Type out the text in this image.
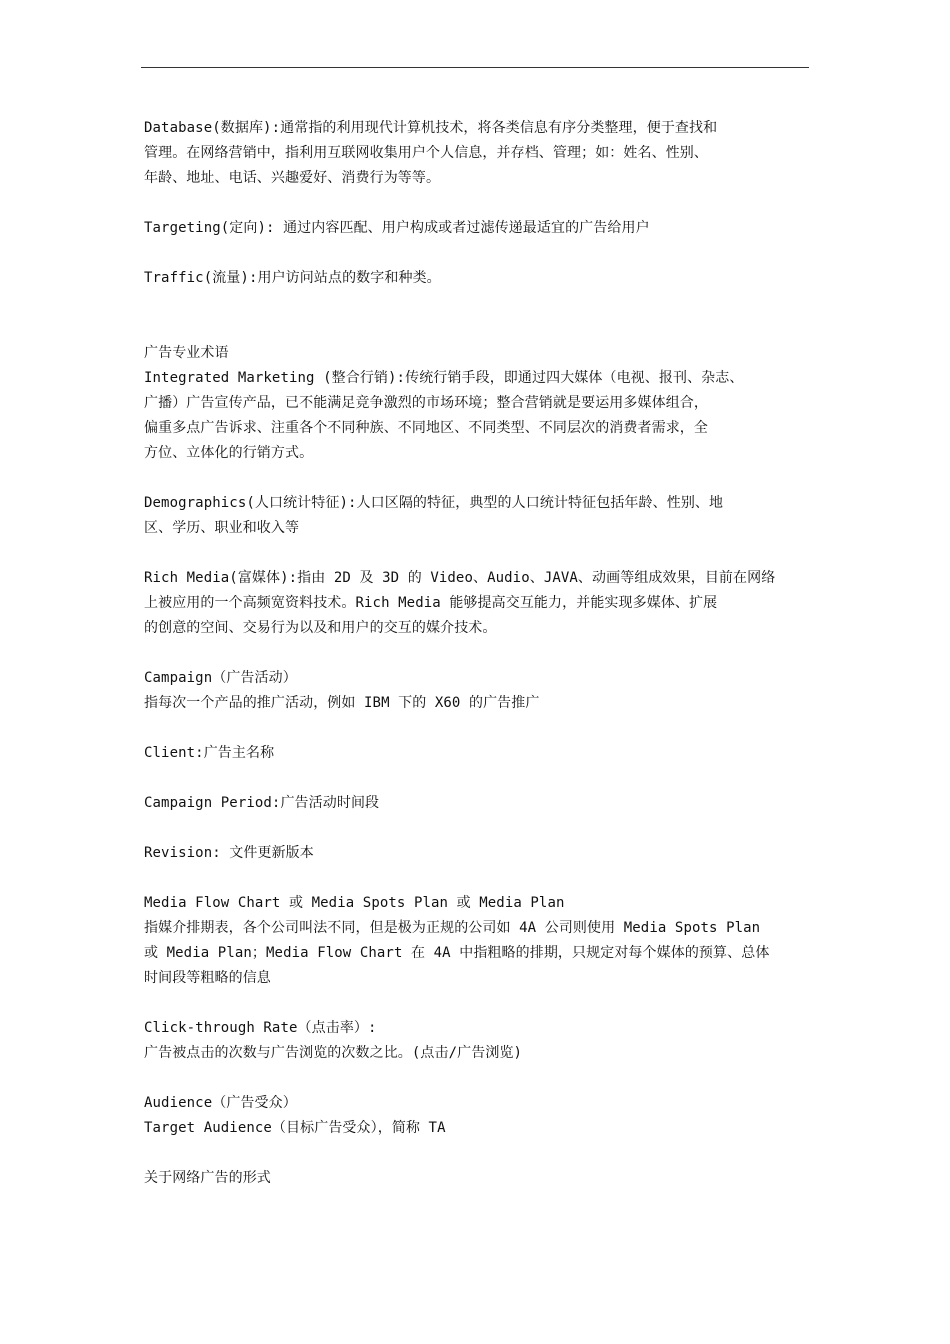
Database(数据库):通常指的利用现代计算机技术，将各类信息有序分类整理，便于查找和

管理。在网络营销中，指利用互联网收集用户个人信息，并存档、管理；如：姓名、性别、

年龄、地址、电话、兴趣爱好、消费行为等等。

Targeting(定向): 通过内容匹配、用户构成或者过滤传递最适宜的广告给用户

Traffic(流量):用户访问站点的数字和种类。

广告专业术语

Integrated Marketing (整合行销):传统行销手段，即通过四大媒体（电视、报刊、杂志、

广播）广告宣传产品，已不能满足竞争激烈的市场环境；整合营销就是要运用多媒体组合，

偏重多点广告诉求、注重各个不同种族、不同地区、不同类型、不同层次的消费者需求，全

方位、立体化的行销方式。

Demographics(人口统计特征):人口区隔的特征，典型的人口统计特征包括年龄、性别、地

区、学历、职业和收入等

Rich Media(富媒体):指由 2D 及 3D 的 Video、Audio、JAVA、动画等组成效果，目前在网络

上被应用的一个高频宽资料技术。Rich Media 能够提高交互能力，并能实现多媒体、扩展

的创意的空间、交易行为以及和用户的交互的媒介技术。

Campaign（广告活动）

指每次一个产品的推广活动，例如 IBM 下的 X60 的广告推广

Client:广告主名称

Campaign Period:广告活动时间段

Revision: 文件更新版本

Media Flow Chart 或 Media Spots Plan 或 Media Plan

指媒介排期表，各个公司叫法不同，但是极为正规的公司如 4A 公司则使用 Media Spots Plan

或 Media Plan；Media Flow Chart 在 4A 中指粗略的排期，只规定对每个媒体的预算、总体

时间段等粗略的信息

Click-through Rate（点击率）:

广告被点击的次数与广告浏览的次数之比。(点击/广告浏览)

Audience（广告受众）

Target Audience（目标广告受众），简称 TA

关于网络广告的形式
